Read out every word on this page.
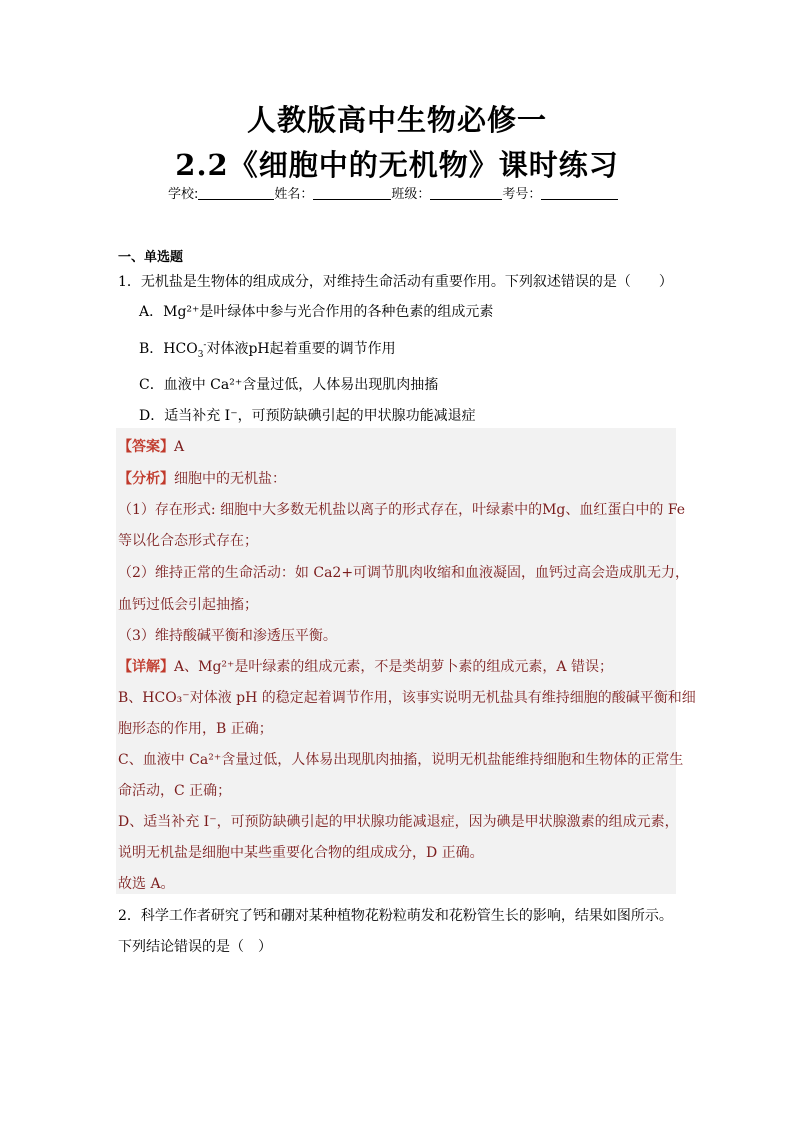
人教版高中生物必修一
2.2《细胞中的无机物》课时练习
学校:	姓名：	班级：	考号：
一、单选题
1．无机盐是生物体的组成成分，对维持生命活动有重要作用。下列叙述错误的是（　　）
A．Mg²⁺是叶绿体中参与光合作用的各种色素的组成元素
B．$HCO_3^-$对体液pH起着重要的调节作用
C．血液中 Ca²⁺含量过低，人体易出现肌肉抽搐
D．适当补充 I⁻，可预防缺碘引起的甲状腺功能减退症
【答案】A
【分析】细胞中的无机盐：
（1）存在形式: 细胞中大多数无机盐以离子的形式存在，叶绿素中的Mg、血红蛋白中的 Fe
等以化合态形式存在；
（2）维持正常的生命活动：如 Ca2+可调节肌肉收缩和血液凝固，血钙过高会造成肌无力，
血钙过低会引起抽搐；
（3）维持酸碱平衡和渗透压平衡。
【详解】A、Mg²⁺是叶绿素的组成元素，不是类胡萝卜素的组成元素，A 错误；
B、HCO₃⁻对体液 pH 的稳定起着调节作用，该事实说明无机盐具有维持细胞的酸碱平衡和细
胞形态的作用，B 正确；
C、血液中 Ca²⁺含量过低，人体易出现肌肉抽搐，说明无机盐能维持细胞和生物体的正常生
命活动，C 正确；
D、适当补充 I⁻，可预防缺碘引起的甲状腺功能减退症，因为碘是甲状腺激素的组成元素，
说明无机盐是细胞中某些重要化合物的组成成分，D 正确。
故选 A。
2．科学工作者研究了钙和硼对某种植物花粉粒萌发和花粉管生长的影响，结果如图所示。
下列结论错误的是（　）
